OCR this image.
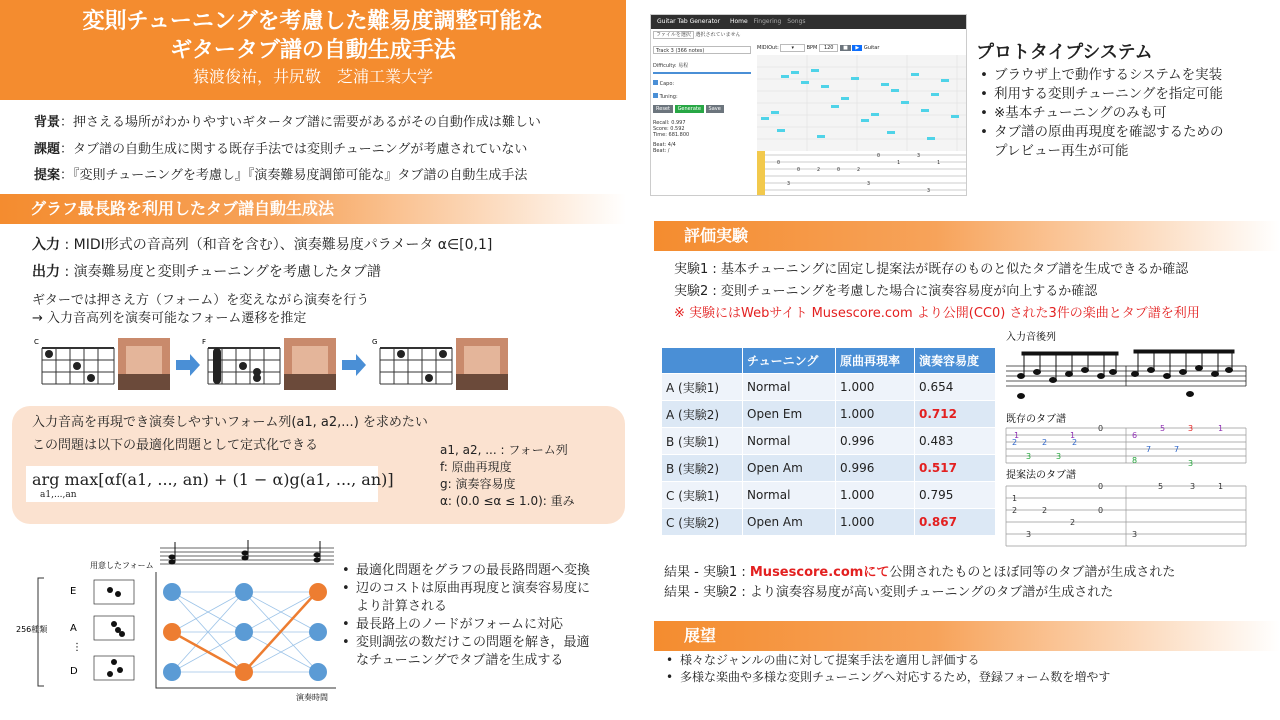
変則チューニングを考慮した難易度調整可能な
ギタータブ譜の自動生成手法
猿渡俊祐，井尻敬　芝浦工業大学
背景：押さえる場所がわかりやすいギタータブ譜に需要があるがその自動作成は難しい
課題：タブ譜の自動生成に関する既存手法では変則チューニングが考慮されていない
提案：『変則チューニングを考慮し』『演奏難易度調節可能な』タブ譜の自動生成手法
グラフ最長路を利用したタブ譜自動生成法
入力 : MIDI形式の音高列（和音を含む）、演奏難易度パラメータ α∈[0,1]
出力 : 演奏難易度と変則チューニングを考慮したタブ譜
ギターでは押さえ方（フォーム）を変えながら演奏を行う
→ 入力音高列を演奏可能なフォーム遷移を推定
C	F	G
入力音高を再現でき演奏しやすいフォーム列(a1, a2,...) を求めたい
この問題は以下の最適化問題として定式化できる
arg max[αf(a1, ..., an) + (1 − α)g(a1, ..., an)]
a1,...,an
a1, a2, ... : フォーム列
f: 原曲再現度
g: 演奏容易度
α: (0.0 ≤α ≤ 1.0): 重み
用意したフォーム
256種類
E
A
⋮
D
演奏時間
• 最適化問題をグラフの最長路問題へ変換
• 辺のコストは原曲再現度と演奏容易度に
より計算される
• 最長路上のノードがフォームに対応
• 変則調弦の数だけこの問題を解き，最適
なチューニングでタブ譜を生成する
Guitar Tab Generator Home Fingering Songs
ファイルを選択 選択されていません
Track 3 (366 notes)
Difficulty: 易程
Capo:
Tuning:
Reset Generate Save
Recall: 0.997
Score: 0.592
Time: 681.800
Beat: 4/4
Beat: /
MIDIOut:	▾	BPM 120 ■ ▶ Guitar
0
0	2	0	2
0
1
3
1
3	3
3
プロトタイプシステム
• ブラウザ上で動作するシステムを実装
• 利用する変則チューニングを指定可能
• ※基本チューニングのみも可
• タブ譜の原曲再現度を確認するための
プレビュー再生が可能
評価実験
実験1 : 基本チューニングに固定し提案法が既存のものと似たタブ譜を生成できるか確認
実験2 : 変則チューニングを考慮した場合に演奏容易度が向上するか確認
※ 実験にはWebサイト Musescore.com より公開(CC0) された3件の楽曲とタブ譜を利用
	チューニング	原曲再現率	演奏容易度
A (実験1)	Normal	1.000	0.654
A (実験2)	Open Em	1.000	0.712
B (実験1)	Normal	0.996	0.483
B (実験2)	Open Am	0.996	0.517
C (実験1)	Normal	1.000	0.795
C (実験2)	Open Am	1.000	0.867
入力音後列
既存のタブ譜
1
2	2
1
3	3
0
6
5	3	1
2
8
7	7
3
提案法のタブ譜
0
1
5	3	1
2	2	0
2
3	3
結果 - 実験1 : Musescore.comにて公開されたものとほぼ同等のタブ譜が生成された
結果 - 実験2 : より演奏容易度が高い変則チューニングのタブ譜が生成された
展望
• 様々なジャンルの曲に対して提案手法を適用し評価する
• 多様な楽曲や多様な変則チューニングへ対応するため，登録フォーム数を増やす
